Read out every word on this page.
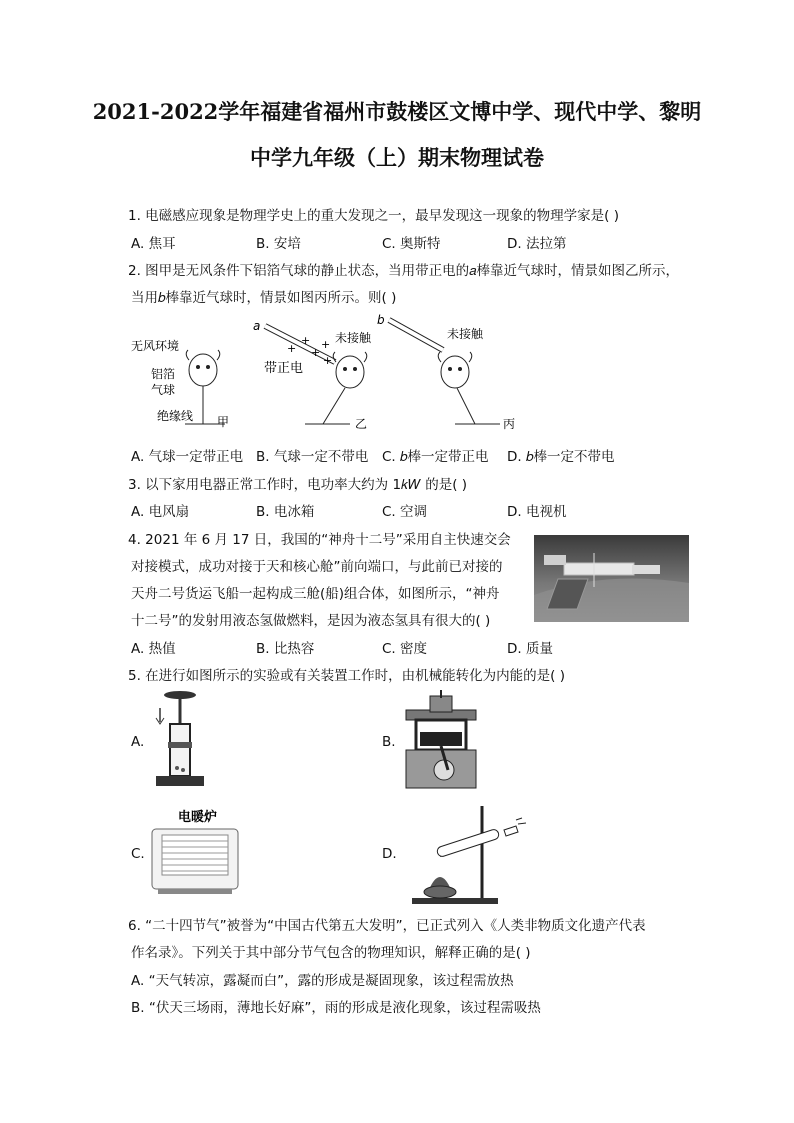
2021-2022学年福建省福州市鼓楼区文博中学、现代中学、黎明
中学九年级（上）期末物理试卷
1. 电磁感应现象是物理学史上的重大发现之一，最早发现这一现象的物理学家是( )
A. 焦耳	B. 安培	C. 奥斯特	D. 法拉第
2. 图甲是无风条件下铝箔气球的静止状态，当用带正电的𝑎棒靠近气球时，情景如图乙所示，
当用𝑏棒靠近气球时，情景如图丙所示。则( )
无风环境
铝箔
气球
绝缘线 甲
a
+
+
+
+
+
带正电
未接触
乙
b
未接触
丙
A. 气球一定带正电 B. 气球一定不带电 C. 𝑏棒一定带正电 D. 𝑏棒一定不带电
3. 以下家用电器正常工作时，电功率大约为 1𝑘𝑊 的是( )
A. 电风扇	B. 电冰箱	C. 空调	D. 电视机
4. 2021 年 6 月 17 日，我国的“神舟十二号”采用自主快速交会
对接模式，成功对接于天和核心舱”前向端口，与此前已对接的
天舟二号货运飞船一起构成三舱(船)组合体，如图所示，“神舟
十二号”的发射用液态氢做燃料，是因为液态氢具有很大的( )
A. 热值	B. 比热容	C. 密度	D. 质量
5. 在进行如图所示的实验或有关装置工作时，由机械能转化为内能的是( )
A.	B.
C.
电暖炉
D.
6. “二十四节气”被誉为“中国古代第五大发明”，已正式列入《人类非物质文化遗产代表
作名录》。下列关于其中部分节气包含的物理知识，解释正确的是( )
A. “天气转凉，露凝而白”，露的形成是凝固现象，该过程需放热
B. “伏天三场雨，薄地长好麻”，雨的形成是液化现象，该过程需吸热
